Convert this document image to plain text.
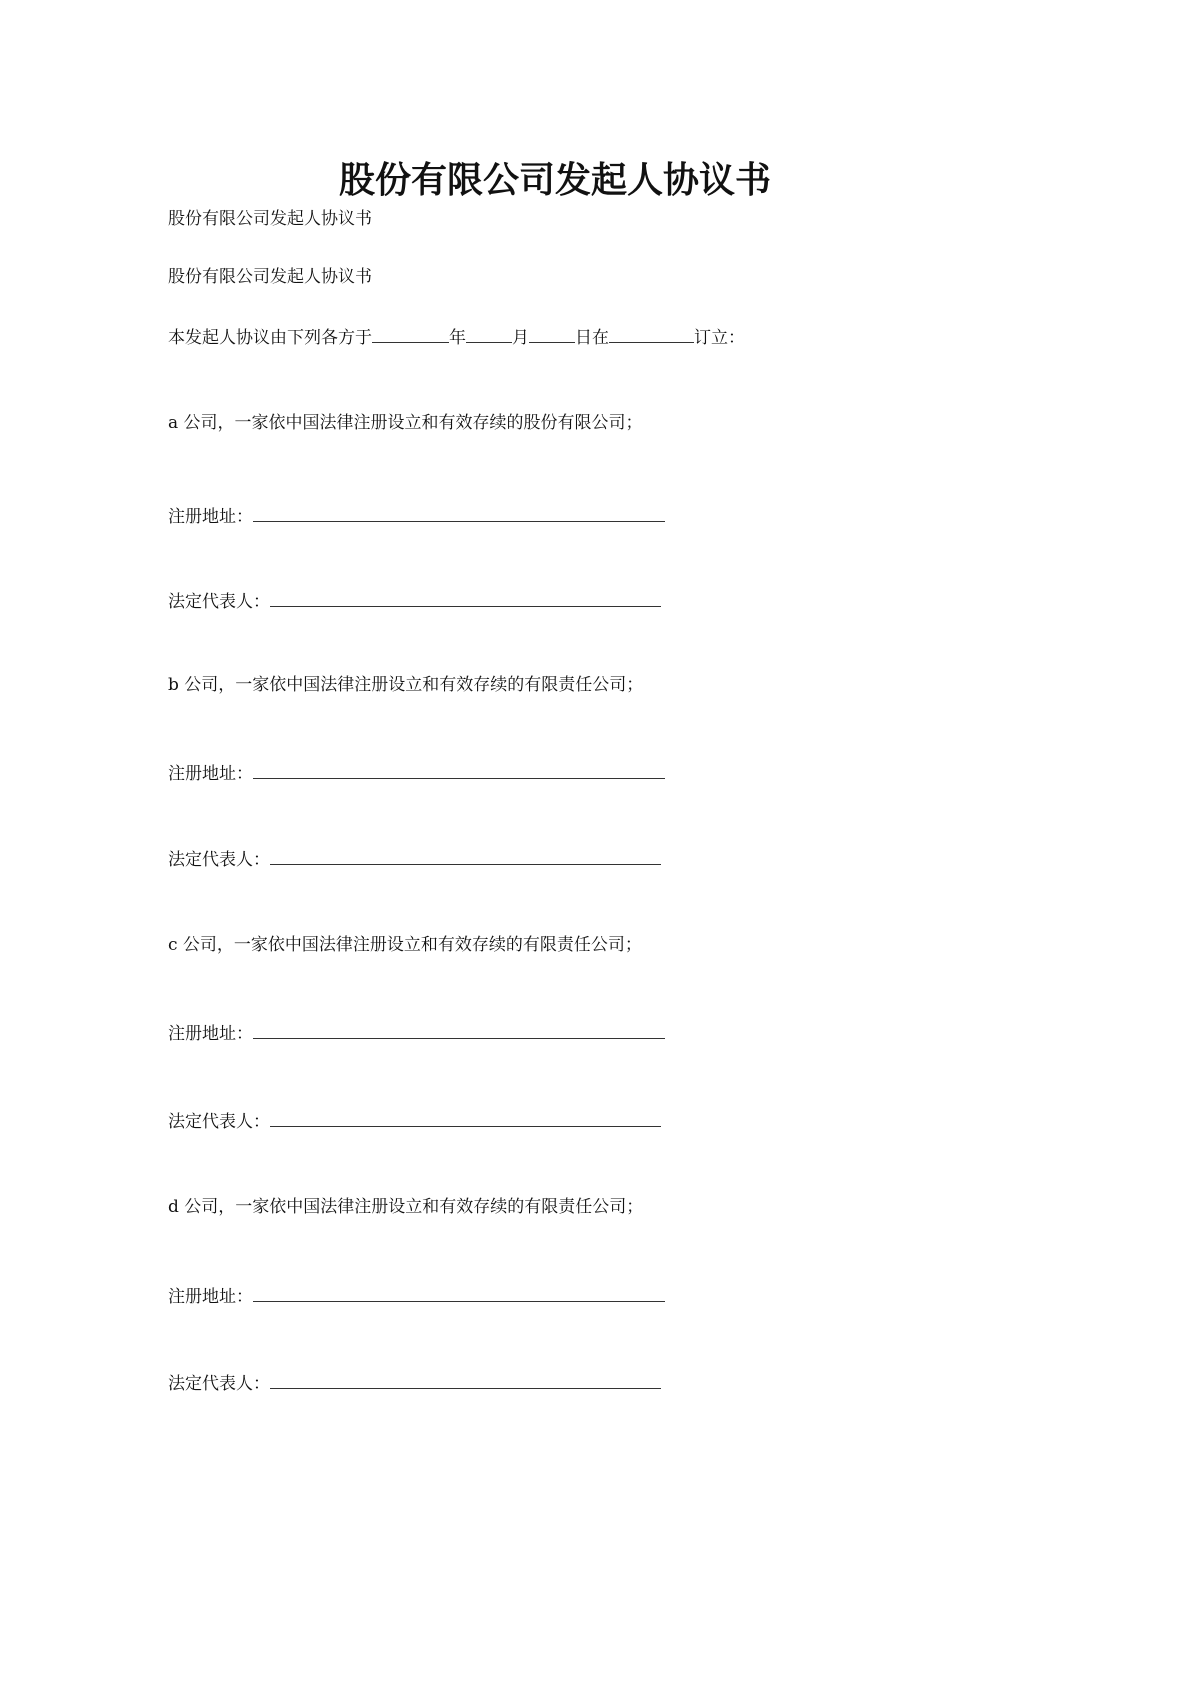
股份有限公司发起人协议书
股份有限公司发起人协议书
股份有限公司发起人协议书
本发起人协议由下列各方于	年	月	日在	订立：
a 公司，一家依中国法律注册设立和有效存续的股份有限公司；
注册地址：
法定代表人：
b 公司，一家依中国法律注册设立和有效存续的有限责任公司；
注册地址：
法定代表人：
c 公司，一家依中国法律注册设立和有效存续的有限责任公司；
注册地址：
法定代表人：
d 公司，一家依中国法律注册设立和有效存续的有限责任公司；
注册地址：
法定代表人：
